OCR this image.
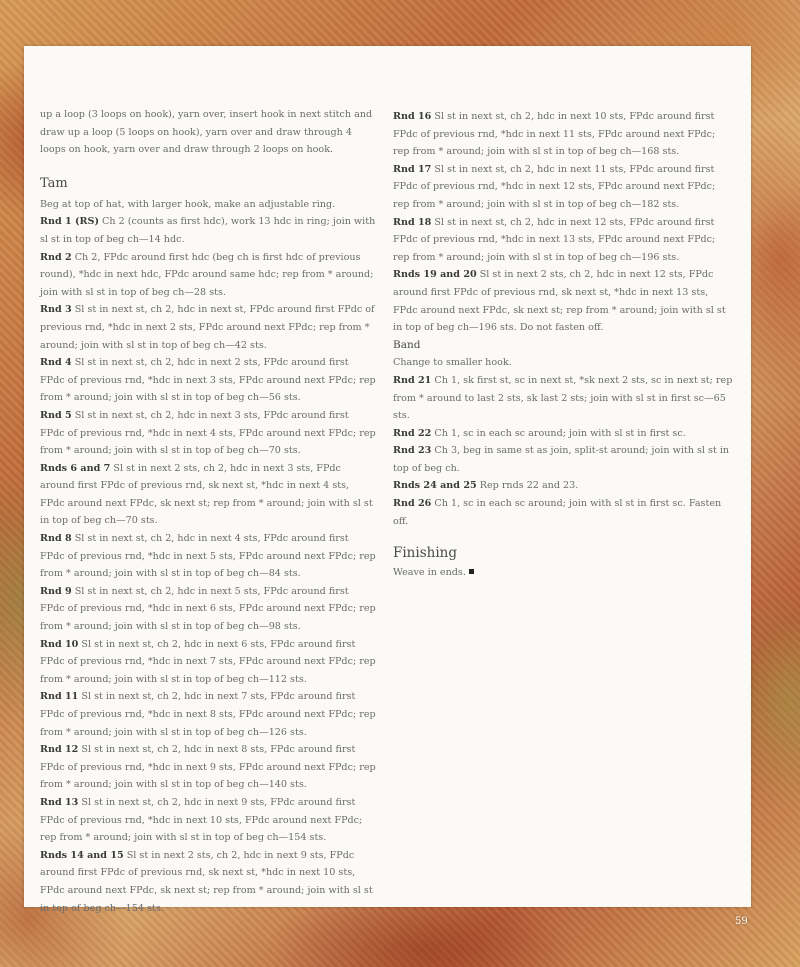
up a loop (3 loops on hook), yarn over, insert hook in next stitch and draw up a loop (5 loops on hook), yarn over and draw through 4 loops on hook, yarn over and draw through 2 loops on hook.

Tam

Beg at top of hat, with larger hook, make an adjustable ring.

Rnd 1 (RS) Ch 2 (counts as first hdc), work 13 hdc in ring; join with sl st in top of beg ch—14 hdc.

Rnd 2 Ch 2, FPdc around first hdc (beg ch is first hdc of previous round), *hdc in next hdc, FPdc around same hdc; rep from * around; join with sl st in top of beg ch—28 sts.

Rnd 3 Sl st in next st, ch 2, hdc in next st, FPdc around first FPdc of previous rnd, *hdc in next 2 sts, FPdc around next FPdc; rep from * around; join with sl st in top of beg ch—42 sts.

Rnd 4 Sl st in next st, ch 2, hdc in next 2 sts, FPdc around first FPdc of previous rnd, *hdc in next 3 sts, FPdc around next FPdc; rep from * around; join with sl st in top of beg ch—56 sts.

Rnd 5 Sl st in next st, ch 2, hdc in next 3 sts, FPdc around first FPdc of previous rnd, *hdc in next 4 sts, FPdc around next FPdc; rep from * around; join with sl st in top of beg ch—70 sts.

Rnds 6 and 7 Sl st in next 2 sts, ch 2, hdc in next 3 sts, FPdc around first FPdc of previous rnd, sk next st, *hdc in next 4 sts, FPdc around next FPdc, sk next st; rep from * around; join with sl st in top of beg ch—70 sts.

Rnd 8 Sl st in next st, ch 2, hdc in next 4 sts, FPdc around first FPdc of previous rnd, *hdc in next 5 sts, FPdc around next FPdc; rep from * around; join with sl st in top of beg ch—84 sts.

Rnd 9 Sl st in next st, ch 2, hdc in next 5 sts, FPdc around first FPdc of previous rnd, *hdc in next 6 sts, FPdc around next FPdc; rep from * around; join with sl st in top of beg ch—98 sts.

Rnd 10 Sl st in next st, ch 2, hdc in next 6 sts, FPdc around first FPdc of previous rnd, *hdc in next 7 sts, FPdc around next FPdc; rep from * around; join with sl st in top of beg ch—112 sts.

Rnd 11 Sl st in next st, ch 2, hdc in next 7 sts, FPdc around first FPdc of previous rnd, *hdc in next 8 sts, FPdc around next FPdc; rep from * around; join with sl st in top of beg ch—126 sts.

Rnd 12 Sl st in next st, ch 2, hdc in next 8 sts, FPdc around first FPdc of previous rnd, *hdc in next 9 sts, FPdc around next FPdc; rep from * around; join with sl st in top of beg ch—140 sts.

Rnd 13 Sl st in next st, ch 2, hdc in next 9 sts, FPdc around first FPdc of previous rnd, *hdc in next 10 sts, FPdc around next FPdc; rep from * around; join with sl st in top of beg ch—154 sts.

Rnds 14 and 15 Sl st in next 2 sts, ch 2, hdc in next 9 sts, FPdc around first FPdc of previous rnd, sk next st, *hdc in next 10 sts, FPdc around next FPdc, sk next st; rep from * around; join with sl st in top of beg ch—154 sts.

Rnd 16 Sl st in next st, ch 2, hdc in next 10 sts, FPdc around first FPdc of previous rnd, *hdc in next 11 sts, FPdc around next FPdc; rep from * around; join with sl st in top of beg ch—168 sts.

Rnd 17 Sl st in next st, ch 2, hdc in next 11 sts, FPdc around first FPdc of previous rnd, *hdc in next 12 sts, FPdc around next FPdc; rep from * around; join with sl st in top of beg ch—182 sts.

Rnd 18 Sl st in next st, ch 2, hdc in next 12 sts, FPdc around first FPdc of previous rnd, *hdc in next 13 sts, FPdc around next FPdc; rep from * around; join with sl st in top of beg ch—196 sts.

Rnds 19 and 20 Sl st in next 2 sts, ch 2, hdc in next 12 sts, FPdc around first FPdc of previous rnd, sk next st, *hdc in next 13 sts, FPdc around next FPdc, sk next st; rep from * around; join with sl st in top of beg ch—196 sts. Do not fasten off.

Band

Change to smaller hook.

Rnd 21 Ch 1, sk first st, sc in next st, *sk next 2 sts, sc in next st; rep from * around to last 2 sts, sk last 2 sts; join with sl st in first sc—65 sts.

Rnd 22 Ch 1, sc in each sc around; join with sl st in first sc.

Rnd 23 Ch 3, beg in same st as join, split-st around; join with sl st in top of beg ch.

Rnds 24 and 25 Rep rnds 22 and 23.

Rnd 26 Ch 1, sc in each sc around; join with sl st in first sc. Fasten off.

Finishing

Weave in ends.

59
